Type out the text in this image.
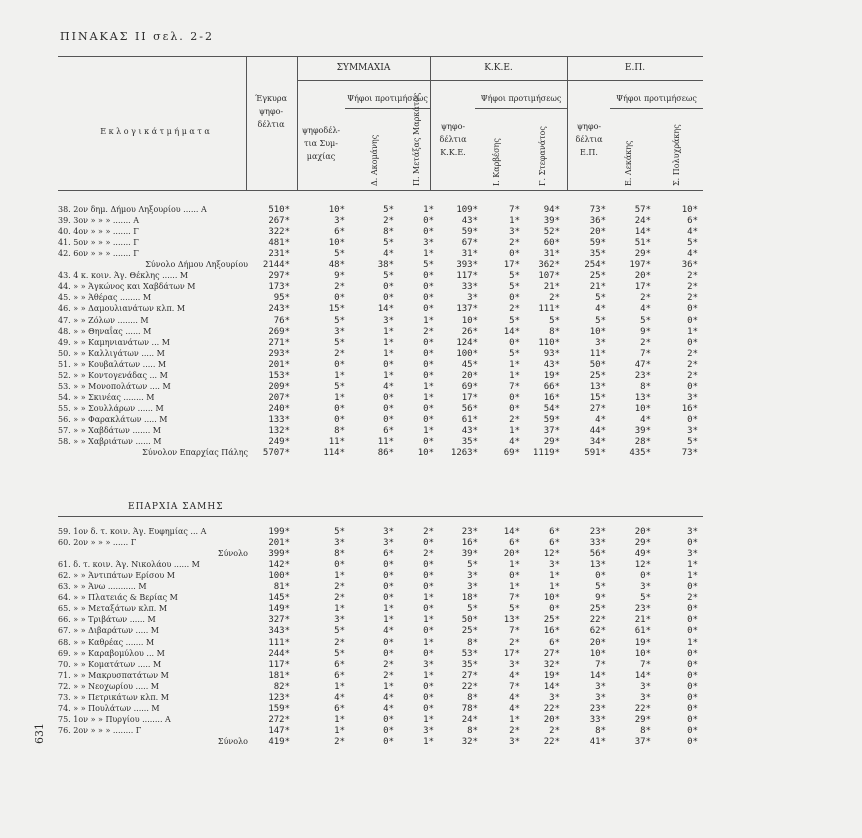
ΠΙΝΑΚΑΣ II σελ. 2-2
631
Ε κ λ ο γ ι κ ά τ μ ή μ α τ α
Έγκυρα
ψηφο-
δέλτια
ΣΥΜΜΑΧΙΑ	Κ.Κ.Ε.	Ε.Π.
Ψήφοι προτιμήσεως	Ψήφοι προτιμήσεως	Ψήφοι προτιμήσεως
ψηφοδέλ-
τια Συμ-
μαχίας
ψηφο-
δέλτια
Κ.Κ.Ε.
ψηφο-
δέλτια
Ε.Π.
Δ. Ακομάνης	Π. Μετάξας Μαρκάτος	Ι. Καρβέσης	Γ. Στεφανάτος	Ε. Λεκάκης	Σ. Πολυχράκης
38. 2ον δημ. Δήμου Ληξουρίου ...... Α	510*	10*	5*	1*	109*	7*	94*	73*	57*	10*
39. 3ον » » » ....... Α	267*	3*	2*	0*	43*	1*	39*	36*	24*	6*
40. 4ον » » » ....... Γ	322*	6*	8*	0*	59*	3*	52*	20*	14*	4*
41. 5ον » » » ....... Γ	481*	10*	5*	3*	67*	2*	60*	59*	51*	5*
42. 6ον » » » ....... Γ	231*	5*	4*	1*	31*	0*	31*	35*	29*	4*
Σύνολο Δήμου Ληξουρίου	2144*	48*	38*	5*	393*	17*	362*	254*	197*	36*
43. 4 κ. κοιν. Άγ. Θέκλης ...... Μ	297*	9*	5*	0*	117*	5*	107*	25*	20*	2*
44. » » Άγκώνος και Χαβδάτων Μ	173*	2*	0*	0*	33*	5*	21*	21*	17*	2*
45. » » Άθέρας ........ Μ	95*	0*	0*	0*	3*	0*	2*	5*	2*	2*
46. » » Δαμουλιανάτων κλπ. Μ	243*	15*	14*	0*	137*	2*	111*	4*	4*	0*
47. » » Ζόλων ........ Μ	76*	5*	3*	1*	10*	5*	5*	5*	5*	0*
48. » » Θηναΐας ...... Μ	269*	3*	1*	2*	26*	14*	8*	10*	9*	1*
49. » » Καμηνιανάτων ... Μ	271*	5*	1*	0*	124*	0*	110*	3*	2*	0*
50. » » Καλλιγάτων ..... Μ	293*	2*	1*	0*	100*	5*	93*	11*	7*	2*
51. » » Κουβαλάτων ..... Μ	201*	0*	0*	0*	45*	1*	43*	50*	47*	2*
52. » » Κοντογενάδας ... Μ	153*	1*	1*	0*	20*	1*	19*	25*	23*	2*
53. » » Μονοπολάτων .... Μ	209*	5*	4*	1*	69*	7*	66*	13*	8*	0*
54. » » Σκινέας ........ Μ	207*	1*	0*	1*	17*	0*	16*	15*	13*	3*
55. » » Σουλλάρων ...... Μ	240*	0*	0*	0*	56*	0*	54*	27*	10*	16*
56. » » Φαρακλάτων ..... Μ	133*	0*	0*	0*	61*	2*	59*	4*	4*	0*
57. » » Χαβδάτων ....... Μ	132*	8*	6*	1*	43*	1*	37*	44*	39*	3*
58. » » Χαβριάτων ...... Μ	249*	11*	11*	0*	35*	4*	29*	34*	28*	5*
Σύνολον Επαρχίας Πάλης	5707*	114*	86*	10*	1263*	69*	1119*	591*	435*	73*
ΕΠΑΡΧΙΑ ΣΑΜΗΣ
59. 1ον δ. τ. κοιν. Άγ. Ευφημίας ... Α	199*	5*	3*	2*	23*	14*	6*	23*	20*	3*
60. 2ον » » » ...... Γ	201*	3*	3*	0*	16*	6*	6*	33*	29*	0*
Σύνολο	399*	8*	6*	2*	39*	20*	12*	56*	49*	3*
61. δ. τ. κοιν. Άγ. Νικολάου ...... Μ	142*	0*	0*	0*	5*	1*	3*	13*	12*	1*
62. » » Άντιπάτων Ερίσου Μ	100*	1*	0*	0*	3*	0*	1*	0*	0*	1*
63. » » Άνω ........... Μ	81*	2*	0*	0*	3*	1*	1*	5*	3*	0*
64. » » Πλατειάς & Βερίας Μ	145*	2*	0*	1*	18*	7*	10*	9*	5*	2*
65. » » Μεταξάτων κλπ. Μ	149*	1*	1*	0*	5*	5*	0*	25*	23*	0*
66. » » Τριβάτων ...... Μ	327*	3*	1*	1*	50*	13*	25*	22*	21*	0*
67. » » Διβαράτων ..... Μ	343*	5*	4*	0*	25*	7*	16*	62*	61*	0*
68. » » Καθρέας ....... Μ	111*	2*	0*	1*	8*	2*	6*	20*	19*	1*
69. » » Καραβομύλου ... Μ	244*	5*	0*	0*	53*	17*	27*	10*	10*	0*
70. » » Κοματάτων ..... Μ	117*	6*	2*	3*	35*	3*	32*	7*	7*	0*
71. » » Μακρυσπατάτων Μ	181*	6*	2*	1*	27*	4*	19*	14*	14*	0*
72. » » Νεοχωρίου ..... Μ	82*	1*	1*	0*	22*	7*	14*	3*	3*	0*
73. » » Πετρικάτων κλπ. Μ	123*	4*	4*	0*	8*	4*	3*	3*	3*	0*
74. » » Πουλάτων ...... Μ	159*	6*	4*	0*	78*	4*	22*	23*	22*	0*
75. 1ον » » Πυργίου ........ Α	272*	1*	0*	1*	24*	1*	20*	33*	29*	0*
76. 2ον » » » ........ Γ	147*	1*	0*	3*	8*	2*	2*	8*	8*	0*
Σύνολο	419*	2*	0*	1*	32*	3*	22*	41*	37*	0*
